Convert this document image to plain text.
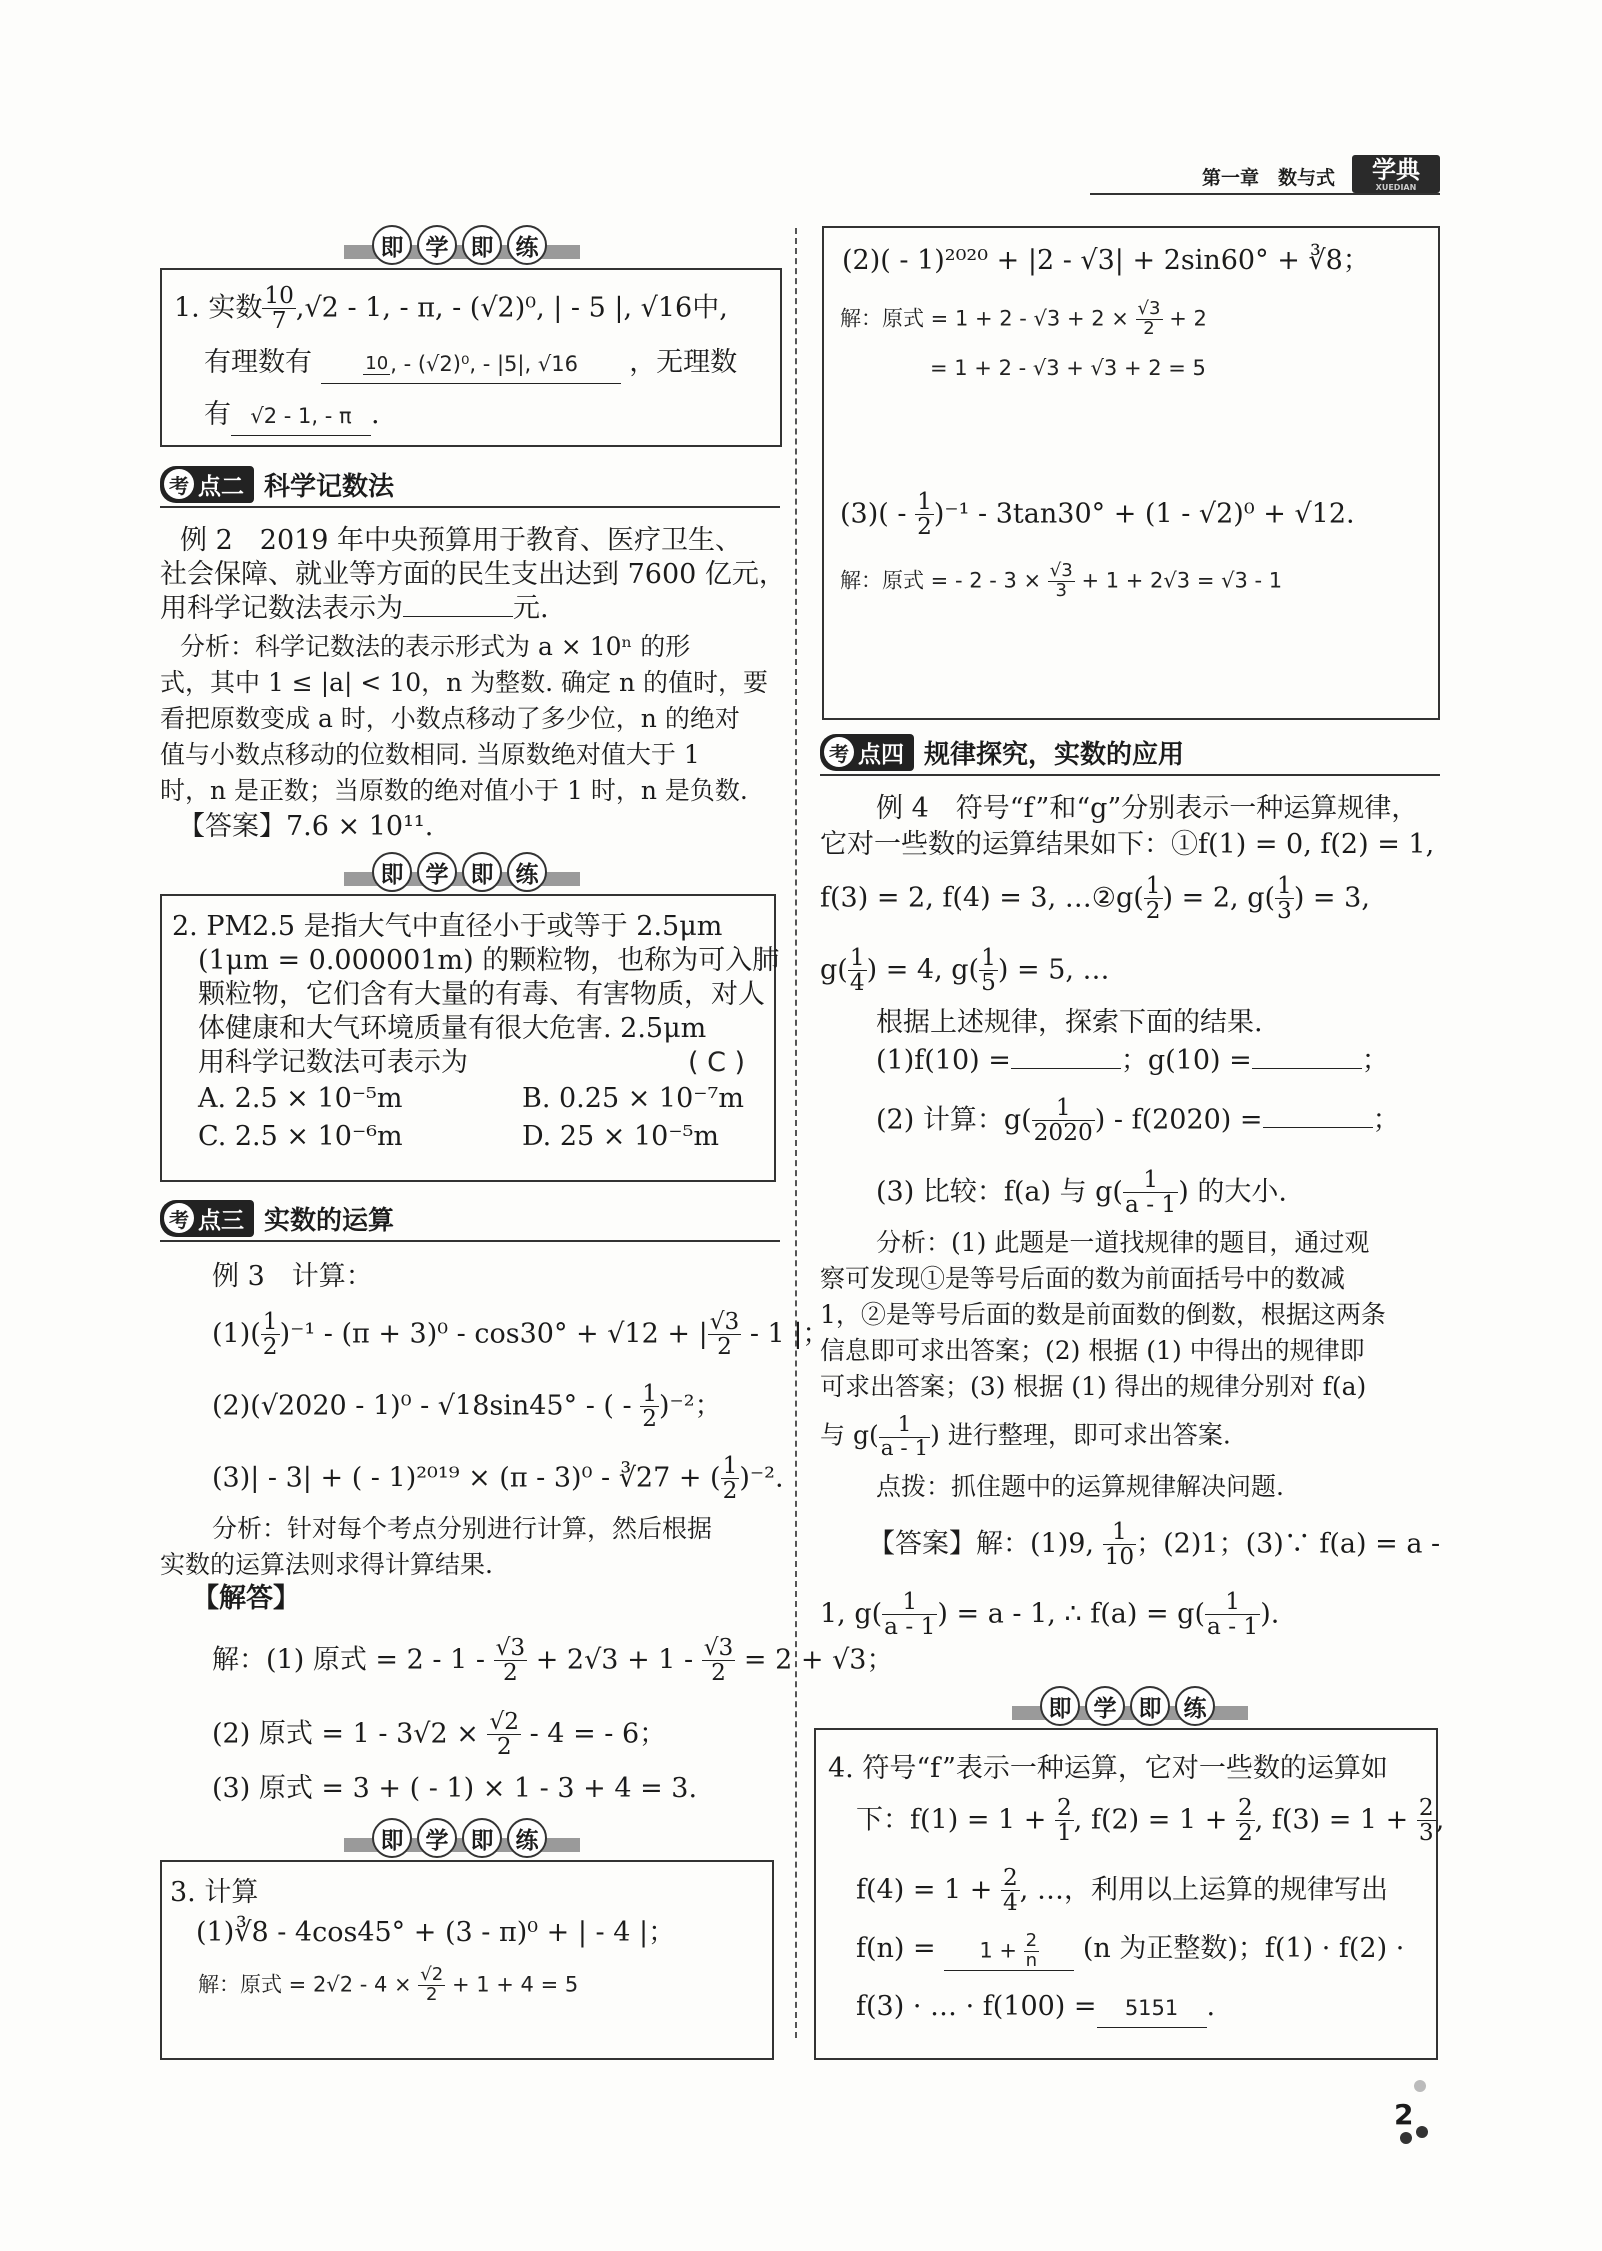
第一章　数与式	学典
XUEDIAN
即 学 即 练
1. 实数 $\frac{10}{7} ,√2 - 1$, - π, - (√2)⁰, | - 5 |, √16中,
有理数有	10 , - (√2)⁰, - |5|, √16 ，无理数
有 √2 - 1, - π .
考 点 二 科学记数法
例 2　2019 年中央预算用于教育、医疗卫生、
社会保障、就业等方面的民生支出达到 7600 亿元，
用科学记数法表示为	元.
分析：科学记数法的表示形式为 a × 10ⁿ 的形
式，其中 1 ≤ |a| < 10，n 为整数. 确定 n 的值时，要
看把原数变成 a 时，小数点移动了多少位，n 的绝对
值与小数点移动的位数相同. 当原数绝对值大于 1
时，n 是正数；当原数的绝对值小于 1 时，n 是负数.
【答案】7.6 × 10¹¹.
即 学 即 练
2. PM2.5 是指大气中直径小于或等于 2.5μm
(1μm = 0.000001m) 的颗粒物，也称为可入肺
颗粒物，它们含有大量的有毒、有害物质，对人
体健康和大气环境质量有很大危害. 2.5μm
用科学记数法可表示为	( C )
A. 2.5 × 10⁻⁵m	B. 0.25 × 10⁻⁷m
C. 2.5 × 10⁻⁶m	D. 25 × 10⁻⁵m
考 点 三 实数的运算
例 3　计算：
$(1)( \frac{1}{2} )^{-1} - (\pi + 3)^0 - \cos 30^\circ + √12$ + | $\frac{√3}{2} - 1$ |；
(2)(√2020 - 1)⁰ - √18sin45° - ( - $\frac{1}{2} )^{-2}$；
(3)| - 3| + ( - 1)²⁰¹⁹ × (π - 3)⁰ - ∛27 + ( $\frac{1}{2} )^{-2}$.
分析：针对每个考点分别进行计算，然后根据
实数的运算法则求得计算结果.
【解答】
解：(1) 原式 = $2 - 1 - \frac{√3}{2} + 2√3 + 1 - \frac{√3}{2} = 2 + √3$；
(2) 原式 = $1 - 3√2 \times \frac{√2}{2} - 4$ = - 6；
(3) 原式 = 3 + ( - 1) × 1 - 3 + 4 = 3.
即 学 即 练
3. 计算
(1)∛8 - 4cos45° + (3 - π)⁰ + | - 4 |；
解：原式 = $2√2 - 4 \times \frac{√2}{2} + 1 + 4 = 5$
(2)( - 1)²⁰²⁰ + |2 - √3| + 2sin60° + ∛8；
解：原式 = $1 + 2 - √3 + 2 \times \frac{√3}{2} + 2$
= 1 + 2 - √3 + √3 + 2 = 5
$(3)( - \frac{1}{2} )^{-1} - 3\tan 30^\circ + (1 - √2)^0 + √12$.
解：原式 = - $2 - 3 \times \frac{√3}{3} + 1 + 2√3 = √3 - 1$
考 点 四 规律探究，实数的应用
例 4　符号“f”和“g”分别表示一种运算规律，
它对一些数的运算结果如下：①f(1) = 0, f(2) = 1,
f(3) = 2, f(4) = 3, …②g( $\frac{1}{2}$ ) = 2, $g( \frac{1}{3}$ ) = 3,
$g( \frac{1}{4}$ ) = 4, $g( \frac{1}{5}$ ) = 5, …
根据上述规律，探索下面的结果.
(1)f(10) =	；g(10) =	；
(2) 计算：$g( \frac{1}{2020}$ ) - f(2020) =	；
(3) 比较：f(a) 与 $g( \frac{1}{a - 1}$ ) 的大小.
分析：(1) 此题是一道找规律的题目，通过观
察可发现①是等号后面的数为前面括号中的数减
1，②是等号后面的数是前面数的倒数，根据这两条
信息即可求出答案；(2) 根据 (1) 中得出的规律即
可求出答案；(3) 根据 (1) 得出的规律分别对 f(a)
与 $g( \frac{1}{a - 1}$ ) 进行整理，即可求出答案.
点拨：抓住题中的运算规律解决问题.
【答案】解：(1)9, $\frac{1}{10}$ ；(2)1；(3)∵ f(a) = a -
1, $g( \frac{1}{a - 1}$ ) = a - 1, ∴ $f(a) = g( \frac{1}{a - 1}$ ).
即 学 即 练
4. 符号“f”表示一种运算，它对一些数的运算如
下：$f(1) = 1 + \frac{2}{1}$ , $f(2) = 1 + \frac{2}{2}$ , $f(3) = 1 + \frac{2}{3}$ ,
$f(4) = 1 + \frac{2}{4}$ , …，利用以上运算的规律写出
$f(n) = 1 + \frac{2}{n} (n$ 为正整数)；f(1) · f(2) ·
f(3) · … · f(100) = 5151 .
2
